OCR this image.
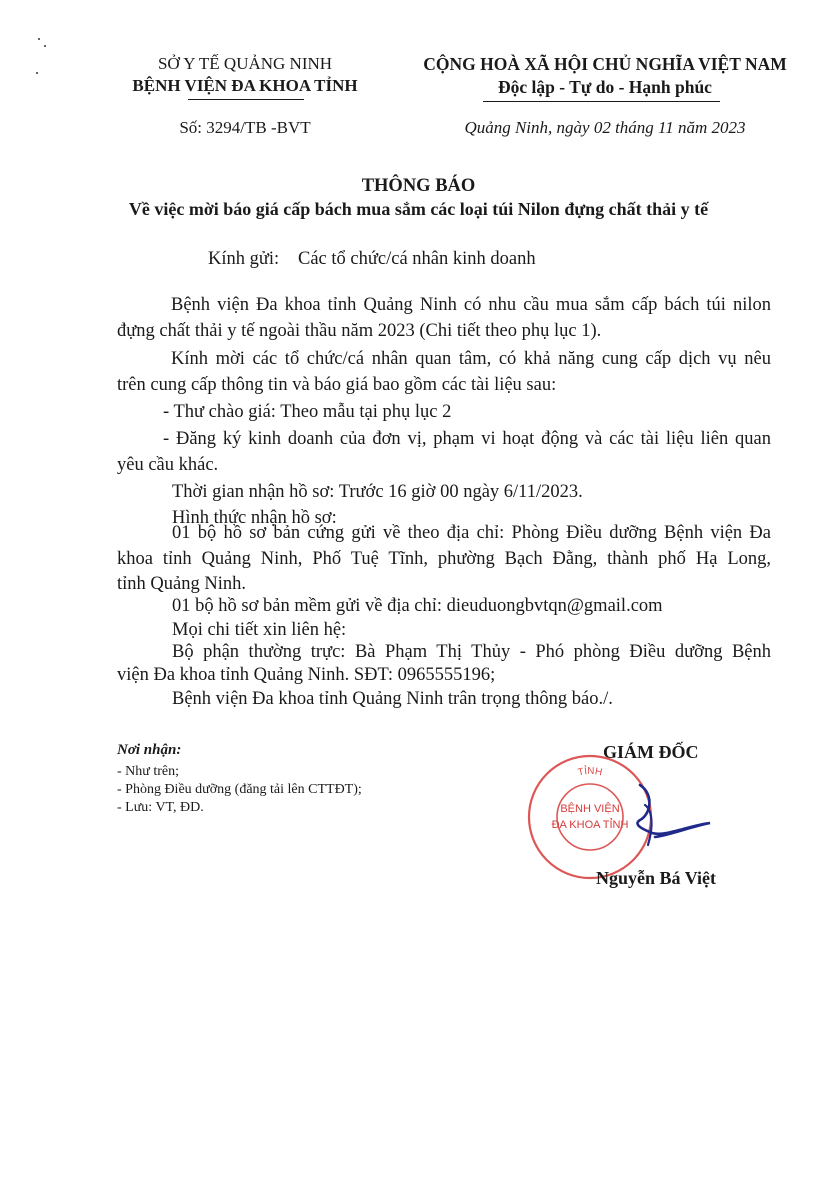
SỞ Y TẾ QUẢNG NINH
BỆNH VIỆN ĐA KHOA TỈNH
CỘNG HOÀ XÃ HỘI CHỦ NGHĨA VIỆT NAM
Độc lập - Tự do - Hạnh phúc
Số: 3294/TB -BVT	Quảng Ninh, ngày 02 tháng 11 năm 2023
THÔNG BÁO
Về việc mời báo giá cấp bách mua sắm các loại túi Nilon đựng chất thải y tế
Kính gửi: Các tổ chức/cá nhân kinh doanh
Bệnh viện Đa khoa tỉnh Quảng Ninh có nhu cầu mua sắm cấp bách túi nilon
đựng chất thải y tế ngoài thầu năm 2023 (Chi tiết theo phụ lục 1).
Kính mời các tổ chức/cá nhân quan tâm, có khả năng cung cấp dịch vụ nêu
trên cung cấp thông tin và báo giá bao gồm các tài liệu sau:
- Thư chào giá: Theo mẫu tại phụ lục 2
- Đăng ký kinh doanh của đơn vị, phạm vi hoạt động và các tài liệu liên quan
yêu cầu khác.
Thời gian nhận hồ sơ: Trước 16 giờ 00 ngày 6/11/2023.
Hình thức nhận hồ sơ:
01 bộ hồ sơ bản cứng gửi về theo địa chỉ: Phòng Điều dưỡng Bệnh viện Đa
khoa tỉnh Quảng Ninh, Phố Tuệ Tĩnh, phường Bạch Đằng, thành phố Hạ Long,
tỉnh Quảng Ninh.
01 bộ hồ sơ bản mềm gửi về địa chỉ: dieuduongbvtqn@gmail.com
Mọi chi tiết xin liên hệ:
Bộ phận thường trực: Bà Phạm Thị Thủy - Phó phòng Điều dưỡng Bệnh
viện Đa khoa tỉnh Quảng Ninh. SĐT: 0965555196;
Bệnh viện Đa khoa tỉnh Quảng Ninh trân trọng thông báo./.
Nơi nhận:
- Như trên;
- Phòng Điều dưỡng (đăng tải lên CTTĐT);
- Lưu: VT, ĐD.
GIÁM ĐỐC
TỈNH
BỆNH VIỆN
ĐA KHOA TỈNH
Nguyễn Bá Việt
